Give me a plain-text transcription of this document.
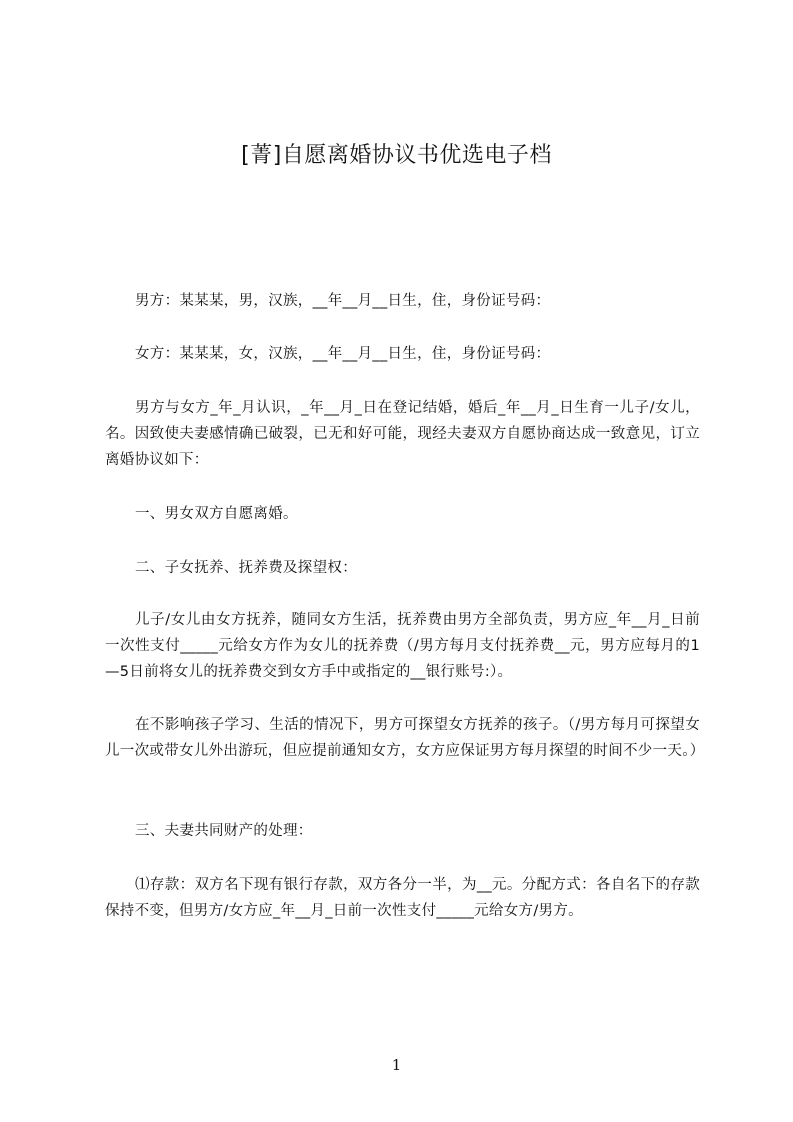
[菁]自愿离婚协议书优选电子档

男方：某某某，男，汉族，__年__月__日生，住，身份证号码：

女方：某某某，女，汉族，__年__月__日生，住，身份证号码：

男方与女方_年_月认识，_年__月_日在登记结婚，婚后_年__月_日生育一儿子/女儿，名。因致使夫妻感情确已破裂，已无和好可能，现经夫妻双方自愿协商达成一致意见，订立离婚协议如下：

一、男女双方自愿离婚。

二、子女抚养、抚养费及探望权：

儿子/女儿由女方抚养，随同女方生活，抚养费由男方全部负责，男方应_年__月_日前一次性支付_____元给女方作为女儿的抚养费（/男方每月支付抚养费__元，男方应每月的1—5日前将女儿的抚养费交到女方手中或指定的__银行账号:）。

在不影响孩子学习、生活的情况下，男方可探望女方抚养的孩子。（/男方每月可探望女儿一次或带女儿外出游玩，但应提前通知女方，女方应保证男方每月探望的时间不少一天。）

三、夫妻共同财产的处理：

⑴存款：双方名下现有银行存款，双方各分一半，为__元。分配方式：各自名下的存款保持不变，但男方/女方应_年__月_日前一次性支付_____元给女方/男方。

1
